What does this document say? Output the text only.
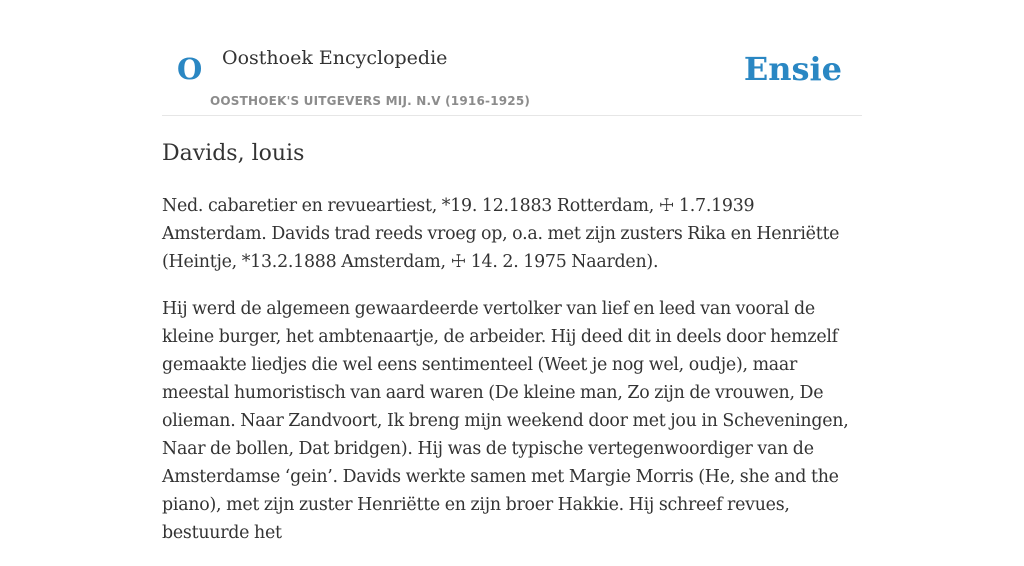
O Oosthoek Encyclopedie
OOSTHOEK'S UITGEVERS MIJ. N.V (1916-1925)
Ensie
Davids, louis

Ned. cabaretier en revueartiest, *19. 12.1883 Rotterdam, ☩ 1.7.1939 Amsterdam. Davids trad reeds vroeg op, o.a. met zijn zusters Rika en Henriëtte (Heintje, *13.2.1888 Amsterdam, ☩ 14. 2. 1975 Naarden).

Hij werd de algemeen gewaardeerde vertolker van lief en leed van vooral de kleine burger, het ambtenaartje, de arbeider. Hij deed dit in deels door hemzelf gemaakte liedjes die wel eens sentimenteel (Weet je nog wel, oudje), maar meestal humoristisch van aard waren (De kleine man, Zo zijn de vrouwen, De olieman. Naar Zandvoort, Ik breng mijn weekend door met jou in Scheveningen, Naar de bollen, Dat bridgen). Hij was de typische vertegenwoordiger van de Amsterdamse ‘gein’. Davids werkte samen met Margie Morris (He, she and the piano), met zijn zuster Henriëtte en zijn broer Hakkie. Hij schreef revues, bestuurde het
